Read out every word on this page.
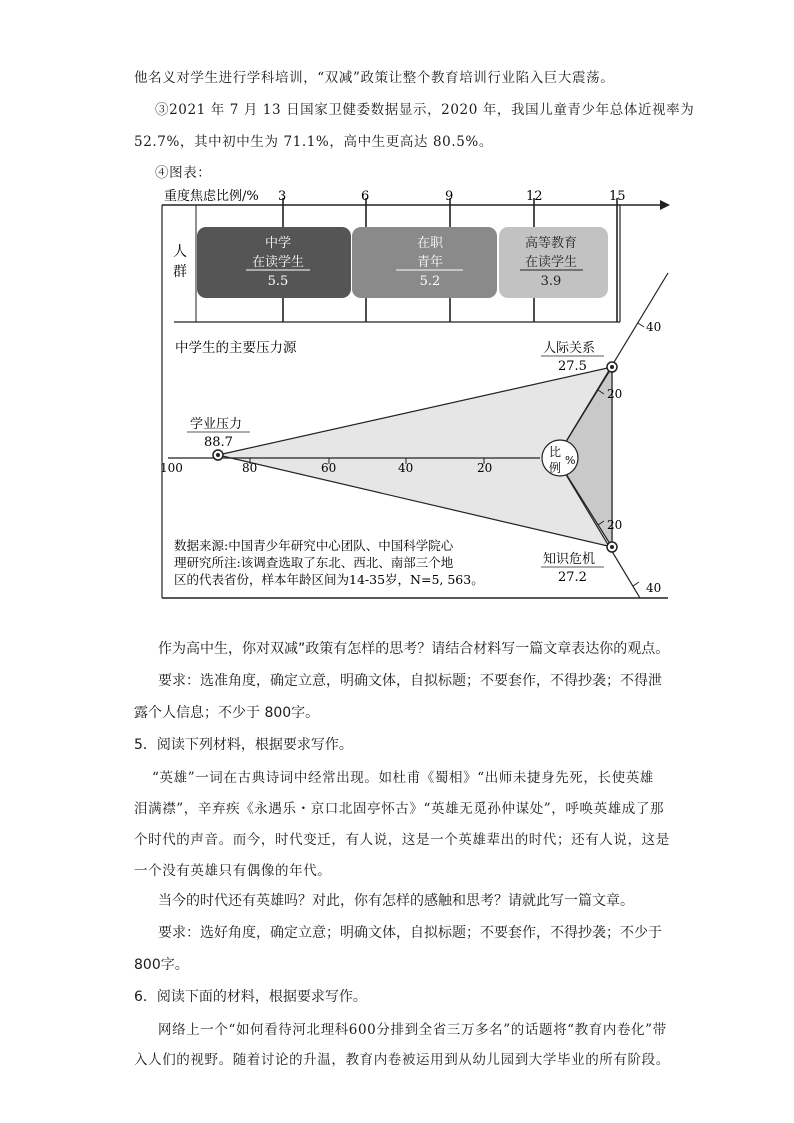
他名义对学生进行学科培训，“双减”政策让整个教育培训行业陷入巨大震荡。
③2021 年 7 月 13 日国家卫健委数据显示，2020 年，我国儿童青少年总体近视率为
52.7%，其中初中生为 71.1%，高中生更高达 80.5%。
④图表：
重度焦虑比例/% 3	6	9	12	15
人
群
中学
在读学生
5.5
在职
青年
5.2
高等教育
在读学生
3.9
中学生的主要压力源
100	80	60	40	20
20
40
20
40
比
例
%
人际关系
27.5
学业压力
88.7
知识危机
27.2
数据来源:中国青少年研究中心团队、中国科学院心
理研究所注:该调查选取了东北、西北、南部三个地
区的代表省份，样本年龄区间为14-35岁，N=5, 563。
作为高中生，你对双减”政策有怎样的思考？请结合材料写一篇文章表达你的观点。
要求：选准角度，确定立意，明确文体，自拟标题；不要套作，不得抄袭；不得泄
露个人信息；不少于 800字。
5．阅读下列材料，根据要求写作。
“英雄”一词在古典诗词中经常出现。如杜甫《蜀相》“出师未捷身先死，长使英雄
泪满襟”，辛弃疾《永遇乐・京口北固亭怀古》“英雄无觅孙仲谋处”，呼唤英雄成了那
个时代的声音。而今，时代变迁，有人说，这是一个英雄辈出的时代；还有人说，这是
一个没有英雄只有偶像的年代。
当今的时代还有英雄吗？对此，你有怎样的感触和思考？请就此写一篇文章。
要求：选好角度，确定立意；明确文体，自拟标题；不要套作，不得抄袭；不少于
800字。
6．阅读下面的材料，根据要求写作。
网络上一个“如何看待河北理科600分排到全省三万多名”的话题将“教育内卷化”带
入人们的视野。随着讨论的升温，教育内卷被运用到从幼儿园到大学毕业的所有阶段。
